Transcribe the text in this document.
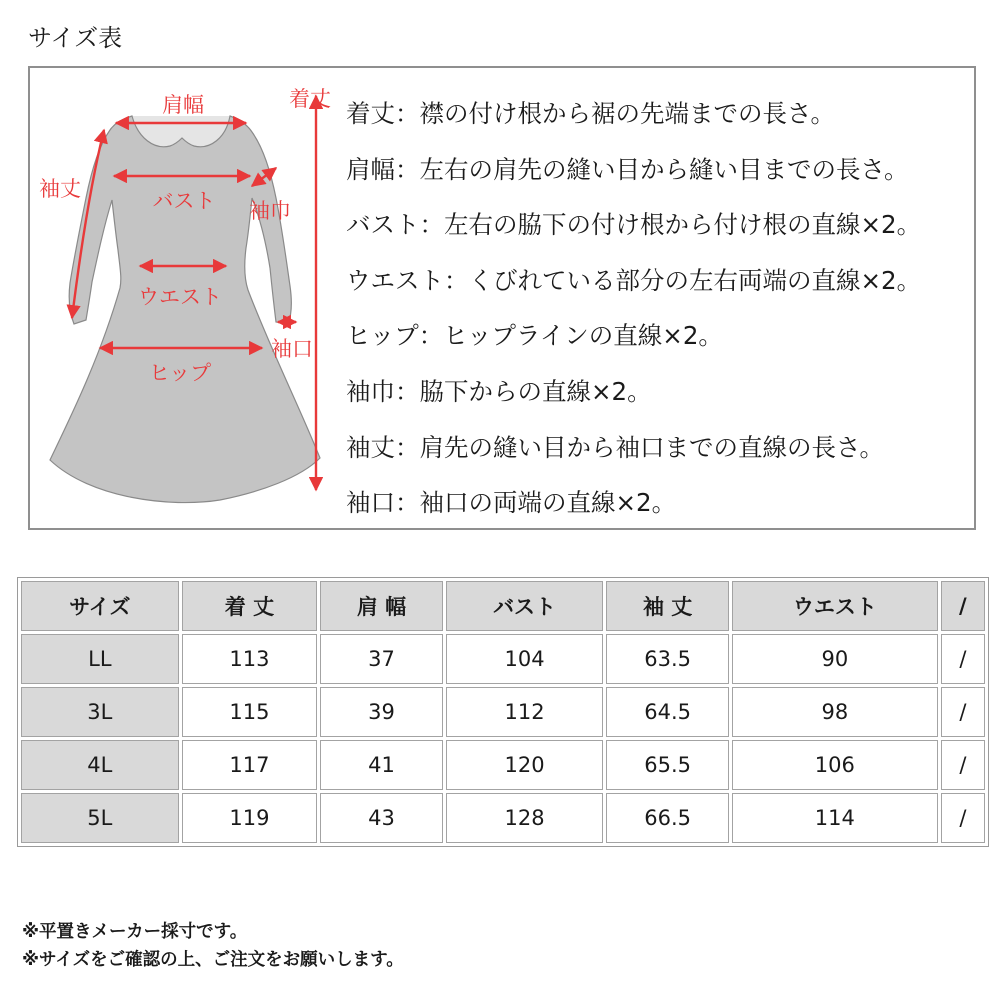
サイズ表
肩幅	着丈
袖丈	バスト 袖巾
ウエスト
袖口
ヒップ
着丈：襟の付け根から裾の先端までの長さ。
肩幅：左右の肩先の縫い目から縫い目までの長さ。
バスト：左右の脇下の付け根から付け根の直線×2。
ウエスト：くびれている部分の左右両端の直線×2。
ヒップ：ヒップラインの直線×2。
袖巾：脇下からの直線×2。
袖丈：肩先の縫い目から袖口までの直線の長さ。
袖口：袖口の両端の直線×2。
サイズ	着 丈	肩 幅	バスト	袖 丈	ウエスト	/
LL	113	37	104	63.5	90	/
3L	115	39	112	64.5	98	/
4L	117	41	120	65.5	106	/
5L	119	43	128	66.5	114	/
※平置きメーカー採寸です。
※サイズをご確認の上、ご注文をお願いします。
